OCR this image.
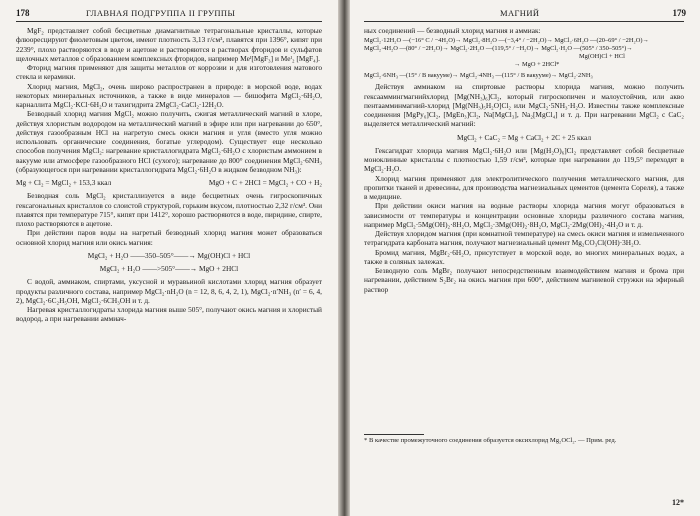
178	ГЛАВНАЯ ПОДГРУППА II ГРУППЫ

MgF₂ представляет собой бесцветные диамагнитные тетрагональные кристаллы, которые флюоресцируют фиолетовым цветом, имеют плотность 3,13 г/см³, плавятся при 1396°, кипят при 2239°, плохо растворяются в воде и ацетоне и растворяются в растворах фторидов и сульфатов щелочных металлов с образованием комплексных фторидов, например Meᴵ[MgF₃] и Meᴵ₂ [MgF₄].

Фторид магния применяют для защиты металлов от коррозии и для изготовления матового стекла и керамики.

Хлорид магния, MgCl₂, очень широко распространен в природе: в морской воде, водах некоторых минеральных источников, а также в виде минералов — бишофита MgCl₂·6H₂O, карналлита MgCl₂·KCl·6H₂O и тахигидрита 2MgCl₂·CaCl₂·12H₂O.

Безводный хлорид магния MgCl₂ можно получить, сжигая металлический магний в хлоре, действуя хлористым водородом на металлический магний в эфире или при нагревании до 650°, действуя газообразным HCl на нагретую смесь окиси магния и угля (вместо угля можно использовать органические соединения, богатые углеродом). Существует еще несколько способов получения MgCl₂: нагревание кристаллогидрата MgCl₂·6H₂O с хлористым аммонием в вакууме или атмосфере газообразного HCl (сухого); нагревание до 800° соединения MgCl₂·6NH₃ (образующегося при нагревании кристаллогидрата MgCl₂·6H₂O в жидком безводном NH₃):

Mg + Cl₂ = MgCl₂ + 153,3 ккал	MgO + C + 2HCl = MgCl₂ + CO + H₂

Безводная соль MgCl₂ кристаллизуется в виде бесцветных очень гигроскопичных гексагональных кристаллов со слоистой структурой, горьким вкусом, плотностью 2,32 г/см³. Они плавятся при температуре 715°, кипят при 1412°, хорошо растворяются в воде, пиридине, спирте, плохо растворяются в ацетоне.

При действии паров воды на нагретый безводный хлорид магния может образоваться основной хлорид магния или окись магния:

MgCl₂ + H₂O ——350–505°——→ Mg(OH)Cl + HCl
MgCl₂ + H₂O ——>505°——→ MgO + 2HCl

С водой, аммиаком, спиртами, уксусной и муравьиной кислотами хлорид магния образует продукты различного состава, например MgCl₂·nH₂O (n = 12, 8, 6, 4, 2, 1), MgCl₂·n′NH₃ (n′ = 6, 4, 2), MgCl₂·6C₂H₅OH, MgCl₂·6CH₃OH и т. д.

Нагревая кристаллогидраты хлорида магния выше 505°, получают окись магния и хлористый водород, а при нагревании аммиач-

МАГНИЙ	179

ных соединений — безводный хлорид магния и аммиак:

MgCl₂·12H₂O —(−16° C / −4H₂O)→ MgCl₂·8H₂O —(−3,4° / −2H₂O)→ MgCl₂·6H₂O —(20–69° / −2H₂O)→
MgCl₂·4H₂O —(80° / −2H₂O)→ MgCl₂·2H₂O —(119,5° / −H₂O)→ MgCl₂·H₂O —(505° / 350–505°)→
Mg(OH)Cl + HCl
→ MgO + 2HCl*
MgCl₂·6NH₃ —(15° / В вакууме)→ MgCl₂·4NH₃ —(115° / В вакууме)→ MgCl₂·2NH₃

Действуя аммиаком на спиртовые растворы хлорида магния, можно получить гексааммингмагнийхлорид [Mg(NH₃)₆]Cl₂, который гигроскопичен и малоустойчив, или акво пентаамминмагний-хлорид [Mg(NH₃)₅H₂O]Cl₂ или MgCl₂·5NH₃·H₂O. Известны также комплексные соединения [MgPy₆]Cl₂, [MgEn₃]Cl₂, Na[MgCl₃], Na₂[MgCl₄] и т. д. При нагревании MgCl₂ с CaC₂ выделяется металлический магний:

MgCl₂ + CaC₂ = Mg + CaCl₂ + 2C + 25 ккал

Гексагидрат хлорида магния MgCl₂·6H₂O или [Mg(H₂O)₆]Cl₂ представляет собой бесцветные моноклинные кристаллы с плотностью 1,59 г/см³, которые при нагревании до 119,5° переходят в MgCl₂·H₂O.

Хлорид магния применяют для электролитического получения металлического магния, для пропитки тканей и древесины, для производства магнезиальных цементов (цемента Сореля), а также в медицине.

При действии окиси магния на водные растворы хлорида магния могут образоваться в зависимости от температуры и концентрации основные хлориды различного состава магния, например MgCl₂·5Mg(OH)₂·8H₂O, MgCl₂·3Mg(OH)₂·8H₂O, MgCl₂·2Mg(OH)₂·4H₂O и т. д.

Действуя хлоридом магния (при комнатной температуре) на смесь окиси магния и измельченного тетрагидрата карбоната магния, получают магнезиальный цемент Mg₂CO₃Cl(OH)·3H₂O.

Бромид магния, MgBr₂·6H₂O, присутствует в морской воде, во многих минеральных водах, а также в соляных залежах.

Безводную соль MgBr₂ получают непосредственным взаимодействием магния и брома при нагревании, действием S₂Br₂ на окись магния при 600°, действием магниевой стружки на эфирный раствор

* В качестве промежуточного соединения образуется оксихлорид Mg₂OCl₂. — Прим. ред.
12*
